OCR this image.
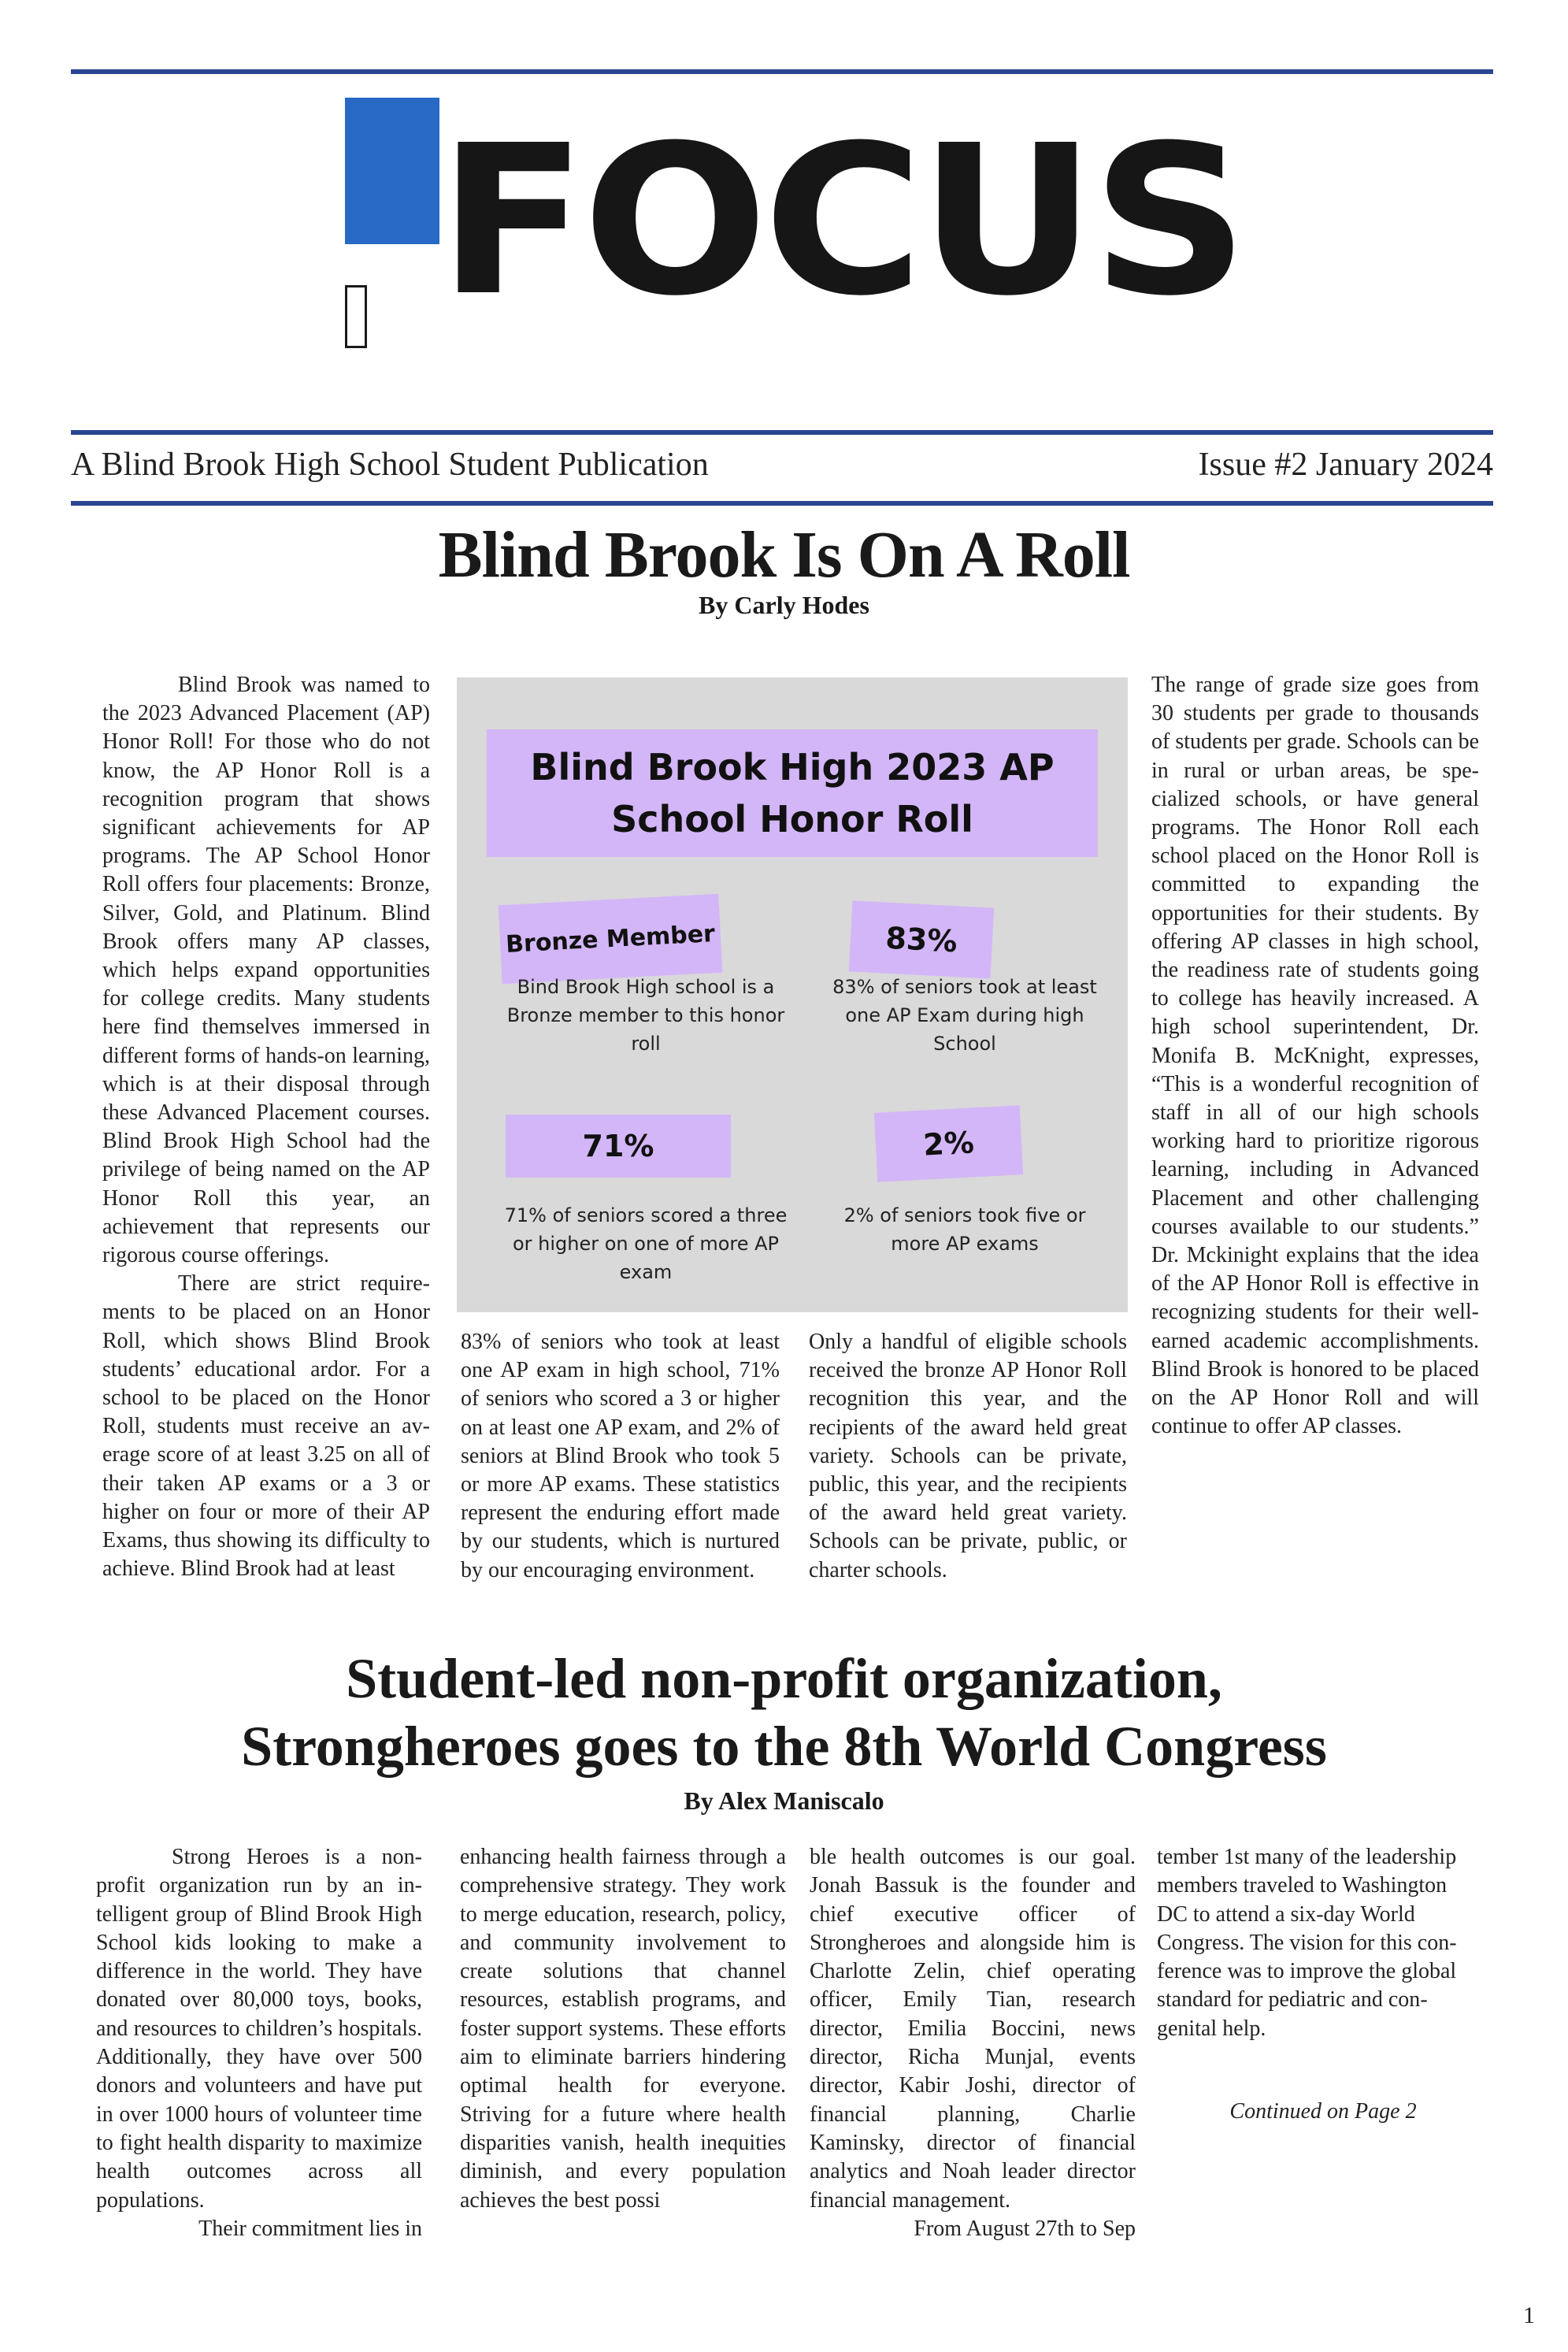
FOCUS
A Blind Brook High School Student Publication	Issue #2 January 2024
Blind Brook Is On A Roll
By Carly Hodes

Blind Brook was named to the 2023 Advanced Placement (AP) Honor Roll! For those who do not know, the AP Honor Roll is a recognition program that shows significant achievements for AP programs. The AP School Honor Roll offers four placements: Bronze, Silver, Gold, and Platinum. Blind Brook offers many AP classes, which helps expand opportunities for college credits. Many students here find themselves immersed in different forms of hands-on learning, which is at their disposal through these Advanced Placement courses. Blind Brook High School had the privilege of being named on the AP Honor Roll this year, an achievement that represents our rigorous course offerings.

There are strict requirements to be placed on an Honor Roll, which shows Blind Brook students’ educational ardor. For a school to be placed on the Honor Roll, students must receive an average score of at least 3.25 on all of their taken AP exams or a 3 or higher on four or more of their AP Exams, thus showing its difficulty to achieve. Blind Brook had at least

Blind Brook High 2023 AP School Honor Roll
Bronze Member
Bind Brook High school is a Bronze member to this honor roll
83%
83% of seniors took at least one AP Exam during high School
71%
71% of seniors scored a three or higher on one of more AP exam
2%
2% of seniors took five or more AP exams

83% of seniors who took at least one AP exam in high school, 71% of seniors who scored a 3 or higher on at least one AP exam, and 2% of seniors at Blind Brook who took 5 or more AP exams. These statistics represent the enduring effort made by our students, which is nurtured by our encouraging environment.

Only a handful of eligible schools received the bronze AP Honor Roll recognition this year, and the recipients of the award held great variety. Schools can be private, public, this year, and the recipients of the award held great variety. Schools can be private, public, or charter schools.

The range of grade size goes from 30 students per grade to thousands of students per grade. Schools can be in rural or urban areas, be specialized schools, or have general programs. The Honor Roll each school placed on the Honor Roll is committed to expanding the opportunities for their students. By offering AP classes in high school, the readiness rate of students going to college has heavily increased. A high school superintendent, Dr. Monifa B. McKnight, expresses, “This is a wonderful recognition of staff in all of our high schools working hard to prioritize rigorous learning, including in Advanced Placement and other challenging courses available to our students.” Dr. Mckinight explains that the idea of the AP Honor Roll is effective in recognizing students for their well-earned academic accomplishments. Blind Brook is honored to be placed on the AP Honor Roll and will continue to offer AP classes.

Student-led non-profit organization,
Strongheroes goes to the 8th World Congress
By Alex Maniscalo

Strong Heroes is a non-profit organization run by an intelligent group of Blind Brook High School kids looking to make a difference in the world. They have donated over 80,000 toys, books, and resources to children’s hospitals. Additionally, they have over 500 donors and volunteers and have put in over 1000 hours of volunteer time to fight health disparity to maximize health outcomes across all populations.

Their commitment lies in

enhancing health fairness through a comprehensive strategy. They work to merge education, research, policy, and community involvement to create solutions that channel resources, establish programs, and foster support systems. These efforts aim to eliminate barriers hindering optimal health for everyone. Striving for a future where health disparities vanish, health inequities diminish, and every population achieves the best possi

ble health outcomes is our goal. Jonah Bassuk is the founder and chief executive officer of Strongheroes and alongside him is Charlotte Zelin, chief operating officer, Emily Tian, research director, Emilia Boccini, news director, Richa Munjal, events director, Kabir Joshi, director of financial planning, Charlie Kaminsky, director of financial analytics and Noah leader director financial management.

From August 27th to Sep

tember 1st many of the leadership members traveled to Washington DC to attend a six-day World Congress. The vision for this conference was to improve the global standard for pediatric and congenital help.

Continued on Page 2
1
